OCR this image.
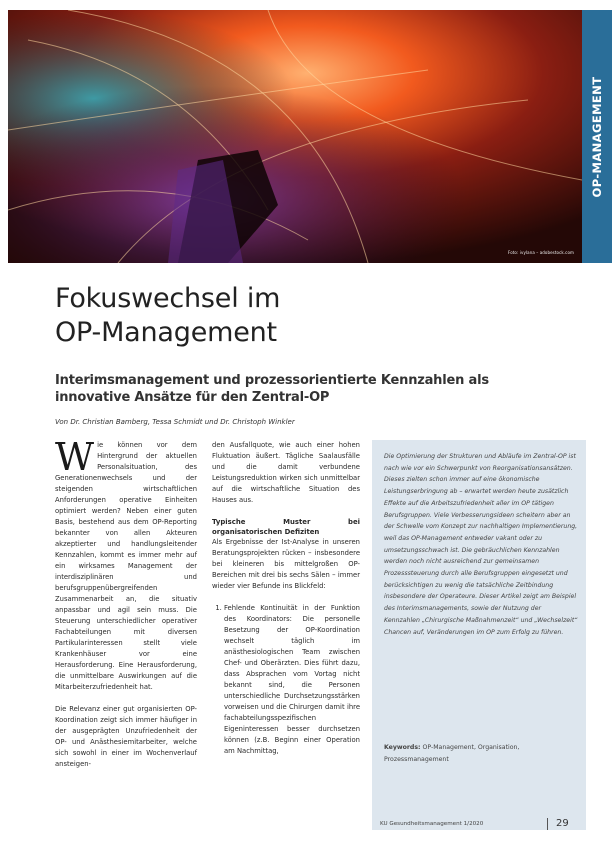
Foto: ivylana – adobestock.com
OP-MANAGEMENT
Fokuswechsel im
OP-Management
Interimsmanagement und prozessorientierte Kennzahlen als
innovative Ansätze für den Zentral-OP
Von Dr. Christian Bamberg, Tessa Schmidt und Dr. Christoph Winkler

Wie können vor dem Hintergrund der aktuellen Personalsituation, des Generationenwechsels und der steigenden wirtschaftlichen Anforderungen operative Einheiten optimiert werden? Neben einer guten Basis, bestehend aus dem OP-Reporting bekannter von allen Akteuren akzeptierter und handlungsleitender Kennzahlen, kommt es immer mehr auf ein wirksames Management der interdisziplinären und berufsgruppenübergreifenden Zusammenarbeit an, die situativ anpassbar und agil sein muss. Die Steuerung unterschiedlicher operativer Fachabteilungen mit diversen Partikularinteressen stellt viele Krankenhäuser vor eine Herausforderung. Eine Herausforderung, die unmittelbare Auswirkungen auf die Mitarbeiterzufriedenheit hat.

Die Relevanz einer gut organisierten OP-Koordination zeigt sich immer häufiger in der ausgeprägten Unzufriedenheit der OP- und Anästhesiemitarbeiter, welche sich sowohl in einer im Wochenverlauf ansteigen-

den Ausfallquote, wie auch einer hohen Fluktuation äußert. Tägliche Saalausfälle und die damit verbundene Leistungsreduktion wirken sich unmittelbar auf die wirtschaftliche Situation des Hauses aus.

Typische Muster bei organisatorischen Defiziten

Als Ergebnisse der Ist-Analyse in unseren Beratungsprojekten rücken – insbesondere bei kleineren bis mittelgroßen OP-Bereichen mit drei bis sechs Sälen – immer wieder vier Befunde ins Blickfeld:

1. Fehlende Kontinuität in der Funktion des Koordinators: Die personelle Besetzung der OP-Koordination wechselt täglich im anästhesiologischen Team zwischen Chef- und Oberärzten. Dies führt dazu, dass Absprachen vom Vortag nicht bekannt sind, die Personen unterschiedliche Durchsetzungsstärken vorweisen und die Chirurgen damit ihre fachabteilungsspezifischen Eigeninteressen besser durchsetzen können (z.B. Beginn einer Operation am Nachmittag,

Die Optimierung der Strukturen und Abläufe im Zentral-OP ist nach wie vor ein Schwerpunkt von Reorganisationsansätzen. Dieses zielten schon immer auf eine ökonomische Leistungserbringung ab – erwartet werden heute zusätzlich Effekte auf die Arbeitszufriedenheit aller im OP tätigen Berufsgruppen. Viele Verbesserungsideen scheitern aber an der Schwelle vom Konzept zur nachhaltigen Implementierung, weil das OP-Management entweder vakant oder zu umsetzungsschwach ist. Die gebräuchlichen Kennzahlen werden noch nicht ausreichend zur gemeinsamen Prozesssteuerung durch alle Berufsgruppen eingesetzt und berücksichtigen zu wenig die tatsächliche Zeitbindung insbesondere der Operateure. Dieser Artikel zeigt am Beispiel des Interimsmanagements, sowie der Nutzung der Kennzahlen „Chirurgische Maßnahmenzeit“ und „Wechselzeit“ Chancen auf, Veränderungen im OP zum Erfolg zu führen.

Keywords: OP-Management, Organisation, Prozessmanagement
KU Gesundheitsmanagement 1/2020	29
